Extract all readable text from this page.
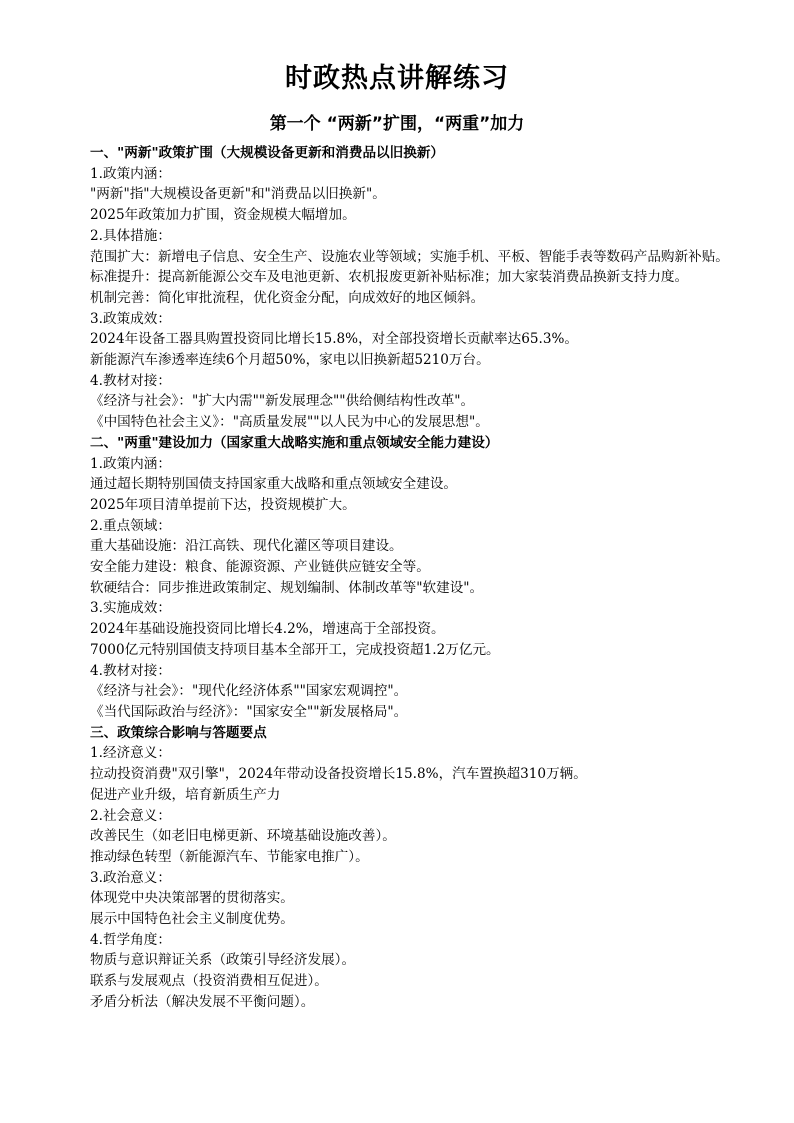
时政热点讲解练习
第一个 “两新”扩围，“两重”加力
一、"两新"政策扩围（大规模设备更新和消费品以旧换新）
1.政策内涵：
"两新"指"大规模设备更新"和"消费品以旧换新"。
2025年政策加力扩围，资金规模大幅增加。
2.具体措施：
范围扩大：新增电子信息、安全生产、设施农业等领域；实施手机、平板、智能手表等数码产品购新补贴。
标准提升：提高新能源公交车及电池更新、农机报废更新补贴标准；加大家装消费品换新支持力度。
机制完善：简化审批流程，优化资金分配，向成效好的地区倾斜。
3.政策成效：
2024年设备工器具购置投资同比增长15.8%，对全部投资增长贡献率达65.3%。
新能源汽车渗透率连续6个月超50%，家电以旧换新超5210万台。
4.教材对接：
《经济与社会》："扩大内需""新发展理念""供给侧结构性改革"。
《中国特色社会主义》："高质量发展""以人民为中心的发展思想"。
二、"两重"建设加力（国家重大战略实施和重点领域安全能力建设）
1.政策内涵：
通过超长期特别国债支持国家重大战略和重点领域安全建设。
2025年项目清单提前下达，投资规模扩大。
2.重点领域：
重大基础设施：沿江高铁、现代化灌区等项目建设。
安全能力建设：粮食、能源资源、产业链供应链安全等。
软硬结合：同步推进政策制定、规划编制、体制改革等"软建设"。
3.实施成效：
2024年基础设施投资同比增长4.2%，增速高于全部投资。
7000亿元特别国债支持项目基本全部开工，完成投资超1.2万亿元。
4.教材对接：
《经济与社会》："现代化经济体系""国家宏观调控"。
《当代国际政治与经济》："国家安全""新发展格局"。
三、政策综合影响与答题要点
1.经济意义：
拉动投资消费"双引擎"，2024年带动设备投资增长15.8%，汽车置换超310万辆。
促进产业升级，培育新质生产力
2.社会意义：
改善民生（如老旧电梯更新、环境基础设施改善）。
推动绿色转型（新能源汽车、节能家电推广）。
3.政治意义：
体现党中央决策部署的贯彻落实。
展示中国特色社会主义制度优势。
4.哲学角度：
物质与意识辩证关系（政策引导经济发展）。
联系与发展观点（投资消费相互促进）。
矛盾分析法（解决发展不平衡问题）。
